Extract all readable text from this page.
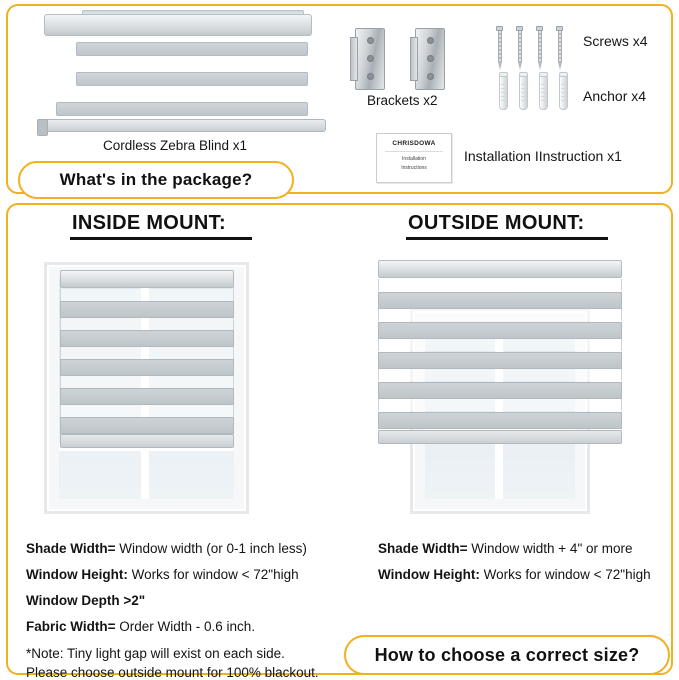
Cordless Zebra Blind x1
Brackets x2
Screws x4
Anchor x4
CHRISDOWA
Installation
Instructions
Installation IInstruction x1
What's in the package?
INSIDE MOUNT:	OUTSIDE MOUNT:
Shade Width= Window width (or 0-1 inch less)
Window Height: Works for window < 72"high
Window Depth >2"
Fabric Width= Order Width - 0.6 inch.
*Note: Tiny light gap will exist on each side.
Please choose outside mount for 100% blackout.
Shade Width= Window width + 4" or more
Window Height: Works for window < 72"high
How to choose a correct size?
